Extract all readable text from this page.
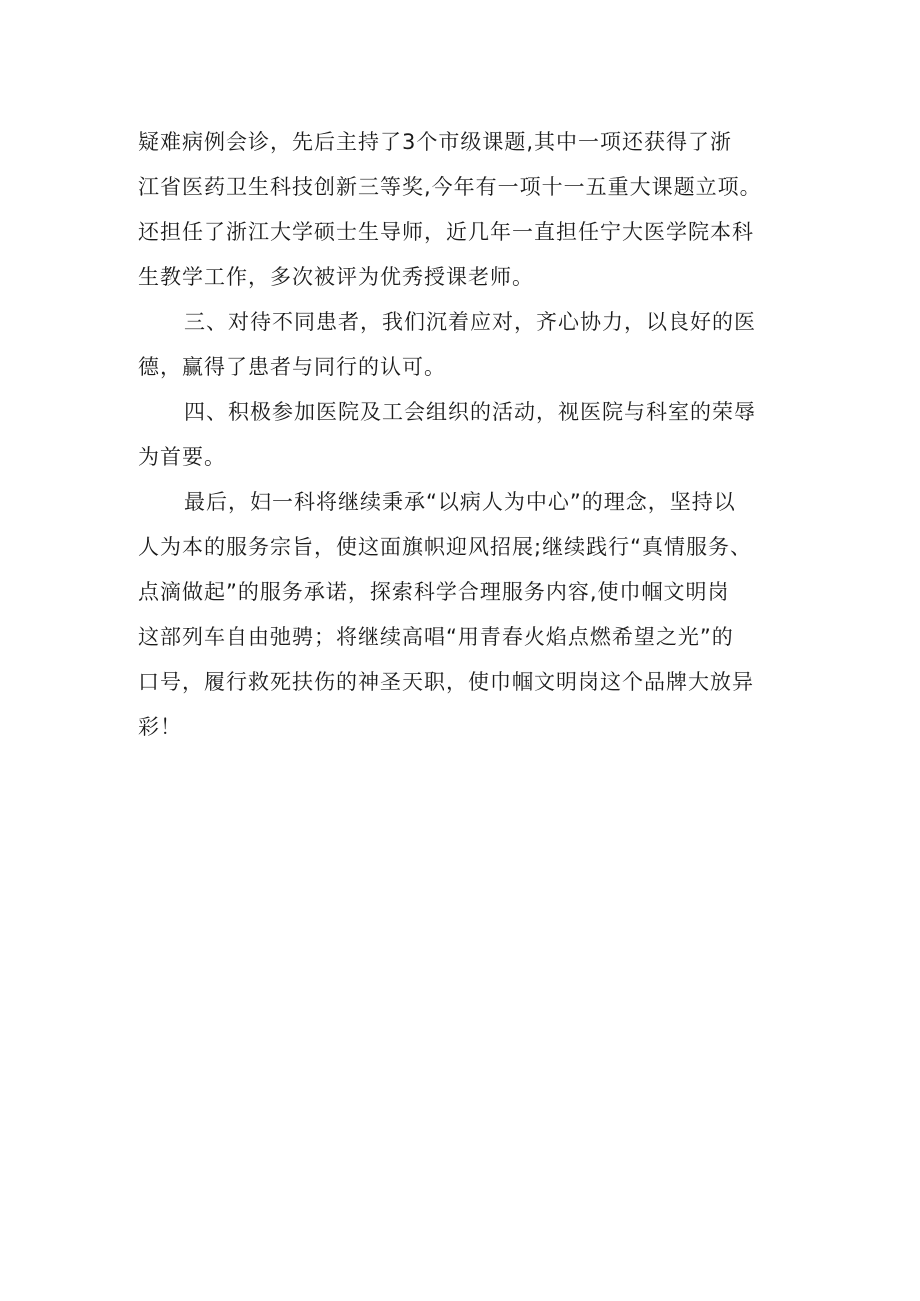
疑难病例会诊，先后主持了3个市级课题,其中一项还获得了浙
江省医药卫生科技创新三等奖,今年有一项十一五重大课题立项。
还担任了浙江大学硕士生导师，近几年一直担任宁大医学院本科
生教学工作，多次被评为优秀授课老师。
三、对待不同患者，我们沉着应对，齐心协力，以良好的医
德，赢得了患者与同行的认可。
四、积极参加医院及工会组织的活动，视医院与科室的荣辱
为首要。
最后，妇一科将继续秉承“以病人为中心”的理念，坚持以
人为本的服务宗旨，使这面旗帜迎风招展;继续践行“真情服务、
点滴做起”的服务承诺，探索科学合理服务内容,使巾帼文明岗
这部列车自由弛骋；将继续高唱“用青春火焰点燃希望之光”的
口号，履行救死扶伤的神圣天职，使巾帼文明岗这个品牌大放异
彩！
